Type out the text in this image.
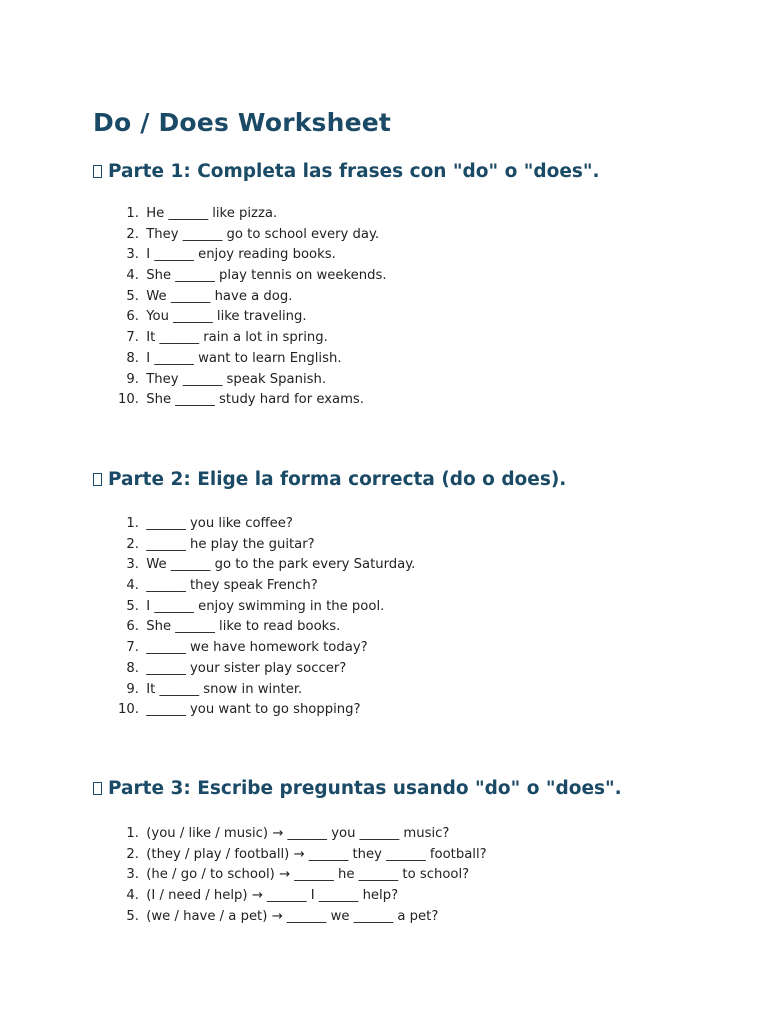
Do / Does Worksheet
Parte 1: Completa las frases con "do" o "does".
1. He ______ like pizza.
2. They ______ go to school every day.
3. I ______ enjoy reading books.
4. She ______ play tennis on weekends.
5. We ______ have a dog.
6. You ______ like traveling.
7. It ______ rain a lot in spring.
8. I ______ want to learn English.
9. They ______ speak Spanish.
10. She ______ study hard for exams.
Parte 2: Elige la forma correcta (do o does).
1. ______ you like coffee?
2. ______ he play the guitar?
3. We ______ go to the park every Saturday.
4. ______ they speak French?
5. I ______ enjoy swimming in the pool.
6. She ______ like to read books.
7. ______ we have homework today?
8. ______ your sister play soccer?
9. It ______ snow in winter.
10. ______ you want to go shopping?
Parte 3: Escribe preguntas usando "do" o "does".
1. (you / like / music) → ______ you ______ music?
2. (they / play / football) → ______ they ______ football?
3. (he / go / to school) → ______ he ______ to school?
4. (I / need / help) → ______ I ______ help?
5. (we / have / a pet) → ______ we ______ a pet?
